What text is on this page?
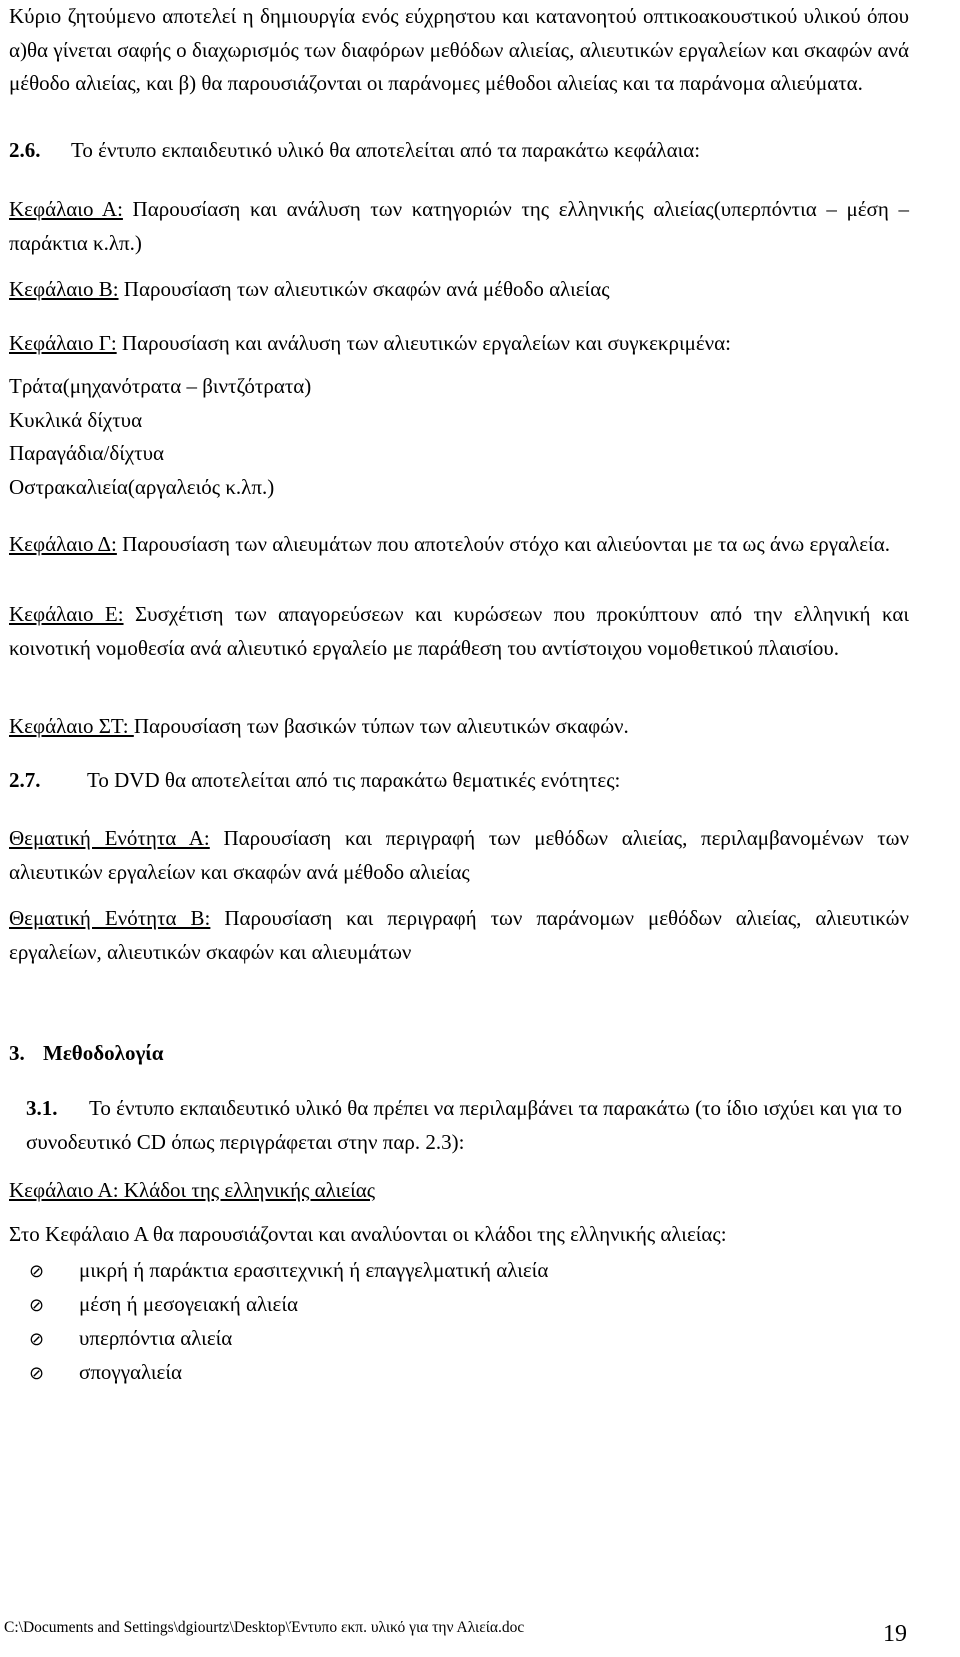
Κύριο ζητούμενο αποτελεί η δημιουργία ενός εύχρηστου και κατανοητού οπτικοακουστικού υλικού όπου α)θα γίνεται σαφής ο διαχωρισμός των διαφόρων μεθόδων αλιείας, αλιευτικών εργαλείων και σκαφών ανά μέθοδο αλιείας, και β) θα παρουσιάζονται οι παράνομες μέθοδοι αλιείας και τα παράνομα αλιεύματα.
2.6. Το έντυπο εκπαιδευτικό υλικό θα αποτελείται από τα παρακάτω κεφάλαια:
Κεφάλαιο Α: Παρουσίαση και ανάλυση των κατηγοριών της ελληνικής αλιείας(υπερπόντια – μέση – παράκτια κ.λπ.)
Κεφάλαιο Β: Παρουσίαση των αλιευτικών σκαφών ανά μέθοδο αλιείας
Κεφάλαιο Γ: Παρουσίαση και ανάλυση των αλιευτικών εργαλείων και συγκεκριμένα:
Τράτα(μηχανότρατα – βιντζότρατα)
Κυκλικά δίχτυα
Παραγάδια/δίχτυα
Οστρακαλιεία(αργαλειός κ.λπ.)
Κεφάλαιο Δ: Παρουσίαση των αλιευμάτων που αποτελούν στόχο και αλιεύονται με τα ως άνω εργαλεία.
Κεφάλαιο Ε: Συσχέτιση των απαγορεύσεων και κυρώσεων που προκύπτουν από την ελληνική και κοινοτική νομοθεσία ανά αλιευτικό εργαλείο με παράθεση του αντίστοιχου νομοθετικού πλαισίου.
Κεφάλαιο ΣΤ: Παρουσίαση των βασικών τύπων των αλιευτικών σκαφών.
2.7. Το DVD θα αποτελείται από τις παρακάτω θεματικές ενότητες:
Θεματική Ενότητα Α: Παρουσίαση και περιγραφή των μεθόδων αλιείας, περιλαμβανομένων των αλιευτικών εργαλείων και σκαφών ανά μέθοδο αλιείας
Θεματική Ενότητα Β: Παρουσίαση και περιγραφή των παράνομων μεθόδων αλιείας, αλιευτικών εργαλείων, αλιευτικών σκαφών και αλιευμάτων
3. Μεθοδολογία
3.1. Το έντυπο εκπαιδευτικό υλικό θα πρέπει να περιλαμβάνει τα παρακάτω (το ίδιο ισχύει και για το συνοδευτικό CD όπως περιγράφεται στην παρ. 2.3):
Κεφάλαιο Α: Κλάδοι της ελληνικής αλιείας
Στο Κεφάλαιο Α θα παρουσιάζονται και αναλύονται οι κλάδοι της ελληνικής αλιείας:
⊘ μικρή ή παράκτια ερασιτεχνική ή επαγγελματική αλιεία
⊘ μέση ή μεσογειακή αλιεία
⊘ υπερπόντια αλιεία
⊘ σπογγαλιεία
C:\Documents and Settings\dgiourtz\Desktop\Έντυπο εκπ. υλικό για την Αλιεία.doc	19
